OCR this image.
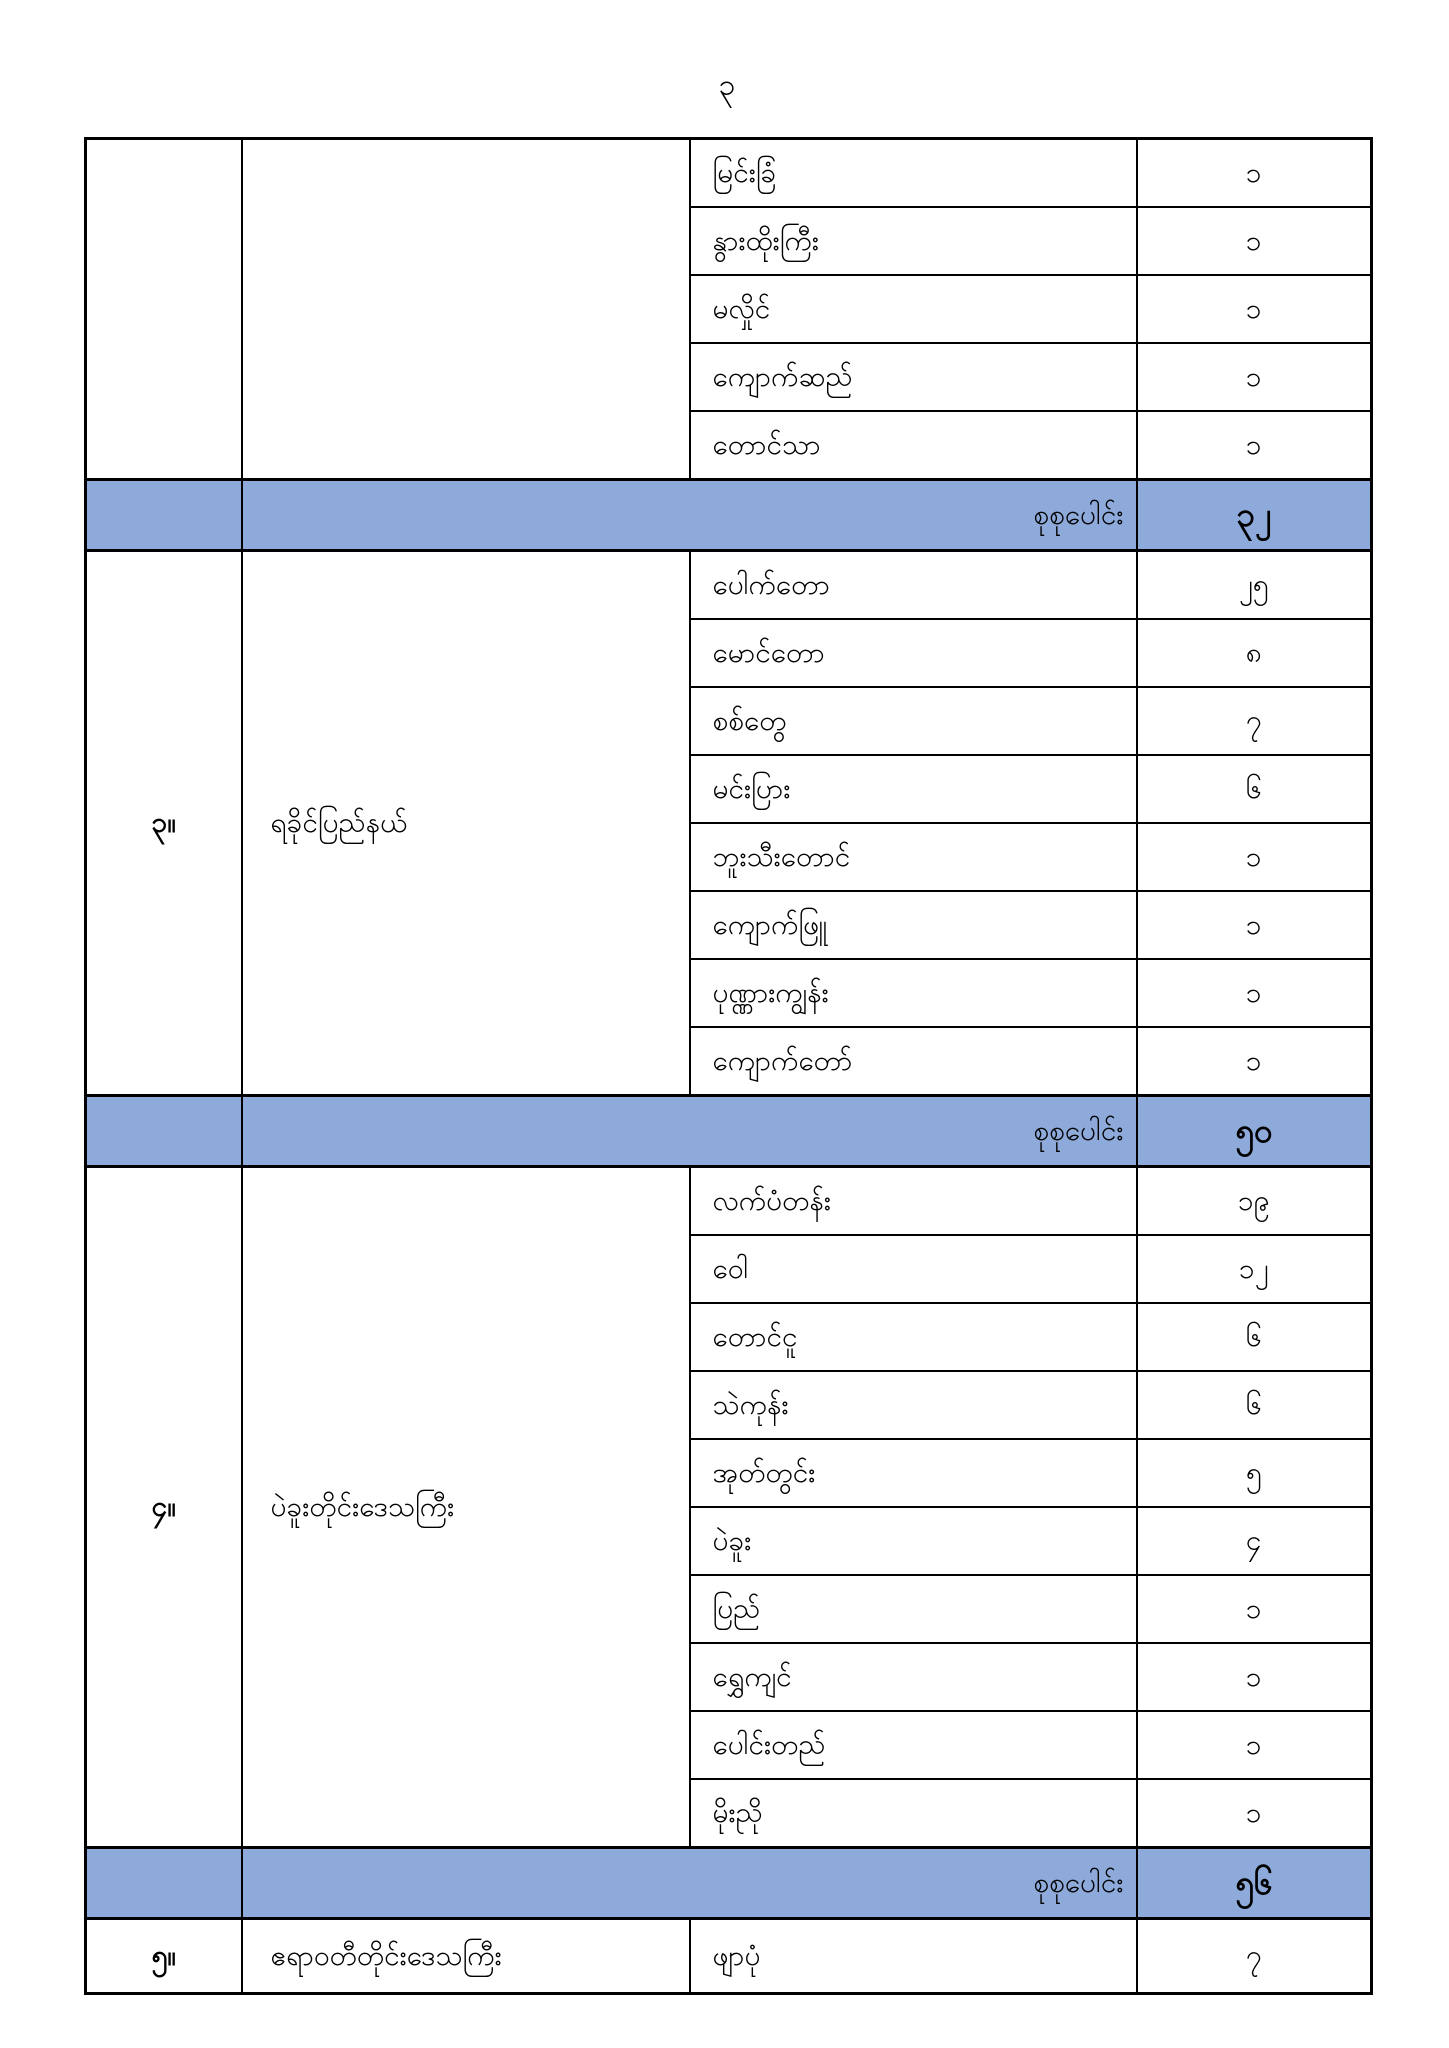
၃
		မြင်းခြံ	၁
		နွားထိုးကြီး	၁
		မလှိုင်	၁
		ကျောက်ဆည်	၁
		တောင်သာ	၁
	စုစုပေါင်း		၃၂
၃။	ရခိုင်ပြည်နယ်	ပေါက်တော	၂၅
		မောင်တော	၈
		စစ်တွေ	၇
		မင်းပြား	၆
		ဘူးသီးတောင်	၁
		ကျောက်ဖြူ	၁
		ပုဏ္ဏားကျွန်း	၁
		ကျောက်တော်	၁
	စုစုပေါင်း		၅၀
၄။	ပဲခူးတိုင်းဒေသကြီး	လက်ပံတန်း	၁၉
		ဝေါ	၁၂
		တောင်ငူ	၆
		သဲကုန်း	၆
		အုတ်တွင်း	၅
		ပဲခူး	၄
		ပြည်	၁
		ရွှေကျင်	၁
		ပေါင်းတည်	၁
		မိုးညို	၁
	စုစုပေါင်း		၅၆
၅။	ဧရာဝတီတိုင်းဒေသကြီး	ဖျာပုံ	၇
